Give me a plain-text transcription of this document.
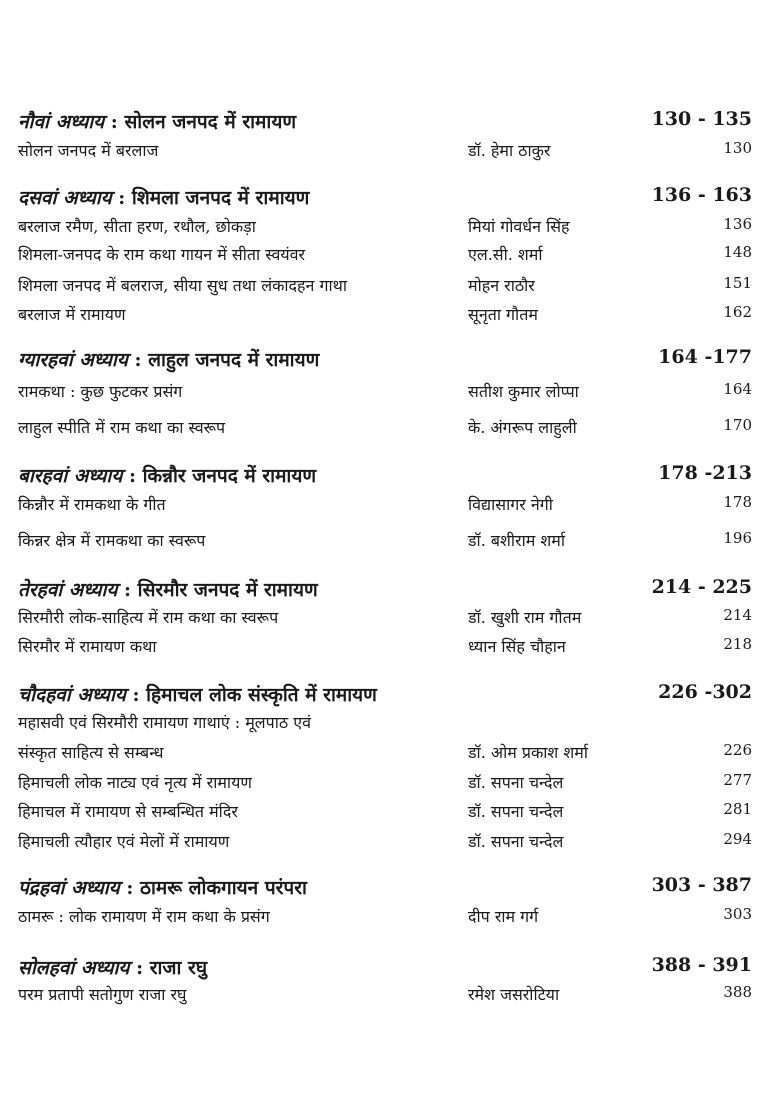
नौवां अध्याय : सोलन जनपद में रामायण	130 - 135
सोलन जनपद में बरलाज	डॉ. हेमा ठाकुर	130
दसवां अध्याय : शिमला जनपद में रामायण	136 - 163
बरलाज रमैण, सीता हरण, रथौल, छोकड़ा	मियां गोवर्धन सिंह	136
शिमला-जनपद के राम कथा गायन में सीता स्वयंवर	एल.सी. शर्मा	148
शिमला जनपद में बलराज, सीया सुध तथा लंकादहन गाथा	मोहन राठौर	151
बरलाज में रामायण	सूनृता गौतम	162
ग्यारहवां अध्याय : लाहुल जनपद में रामायण	164 -177
रामकथा : कुछ फुटकर प्रसंग	सतीश कुमार लोप्पा	164
लाहुल स्पीति में राम कथा का स्वरूप	के. अंगरूप लाहुली	170
बारहवां अध्याय : किन्नौर जनपद में रामायण	178 -213
किन्नौर में रामकथा के गीत	विद्यासागर नेगी	178
किन्नर क्षेत्र में रामकथा का स्वरूप	डॉ. बशीराम शर्मा	196
तेरहवां अध्याय : सिरमौर जनपद में रामायण	214 - 225
सिरमौरी लोक-साहित्य में राम कथा का स्वरूप	डॉ. खुशी राम गौतम	214
सिरमौर में रामायण कथा	ध्यान सिंह चौहान	218
चौदहवां अध्याय : हिमाचल लोक संस्कृति में रामायण	226 -302
महासवी एवं सिरमौरी रामायण गाथाएं : मूलपाठ एवं
संस्कृत साहित्य से सम्बन्ध	डॉ. ओम प्रकाश शर्मा	226
हिमाचली लोक नाट्य एवं नृत्य में रामायण	डॉ. सपना चन्देल	277
हिमाचल में रामायण से सम्बन्धित मंदिर	डॉ. सपना चन्देल	281
हिमाचली त्यौहार एवं मेलों में रामायण	डॉ. सपना चन्देल	294
पंद्रहवां अध्याय : ठामरू लोकगायन परंपरा	303 - 387
ठामरू : लोक रामायण में राम कथा के प्रसंग	दीप राम गर्ग	303
सोलहवां अध्याय : राजा रघु	388 - 391
परम प्रतापी सतोगुण राजा रघु	रमेश जसरोटिया	388
